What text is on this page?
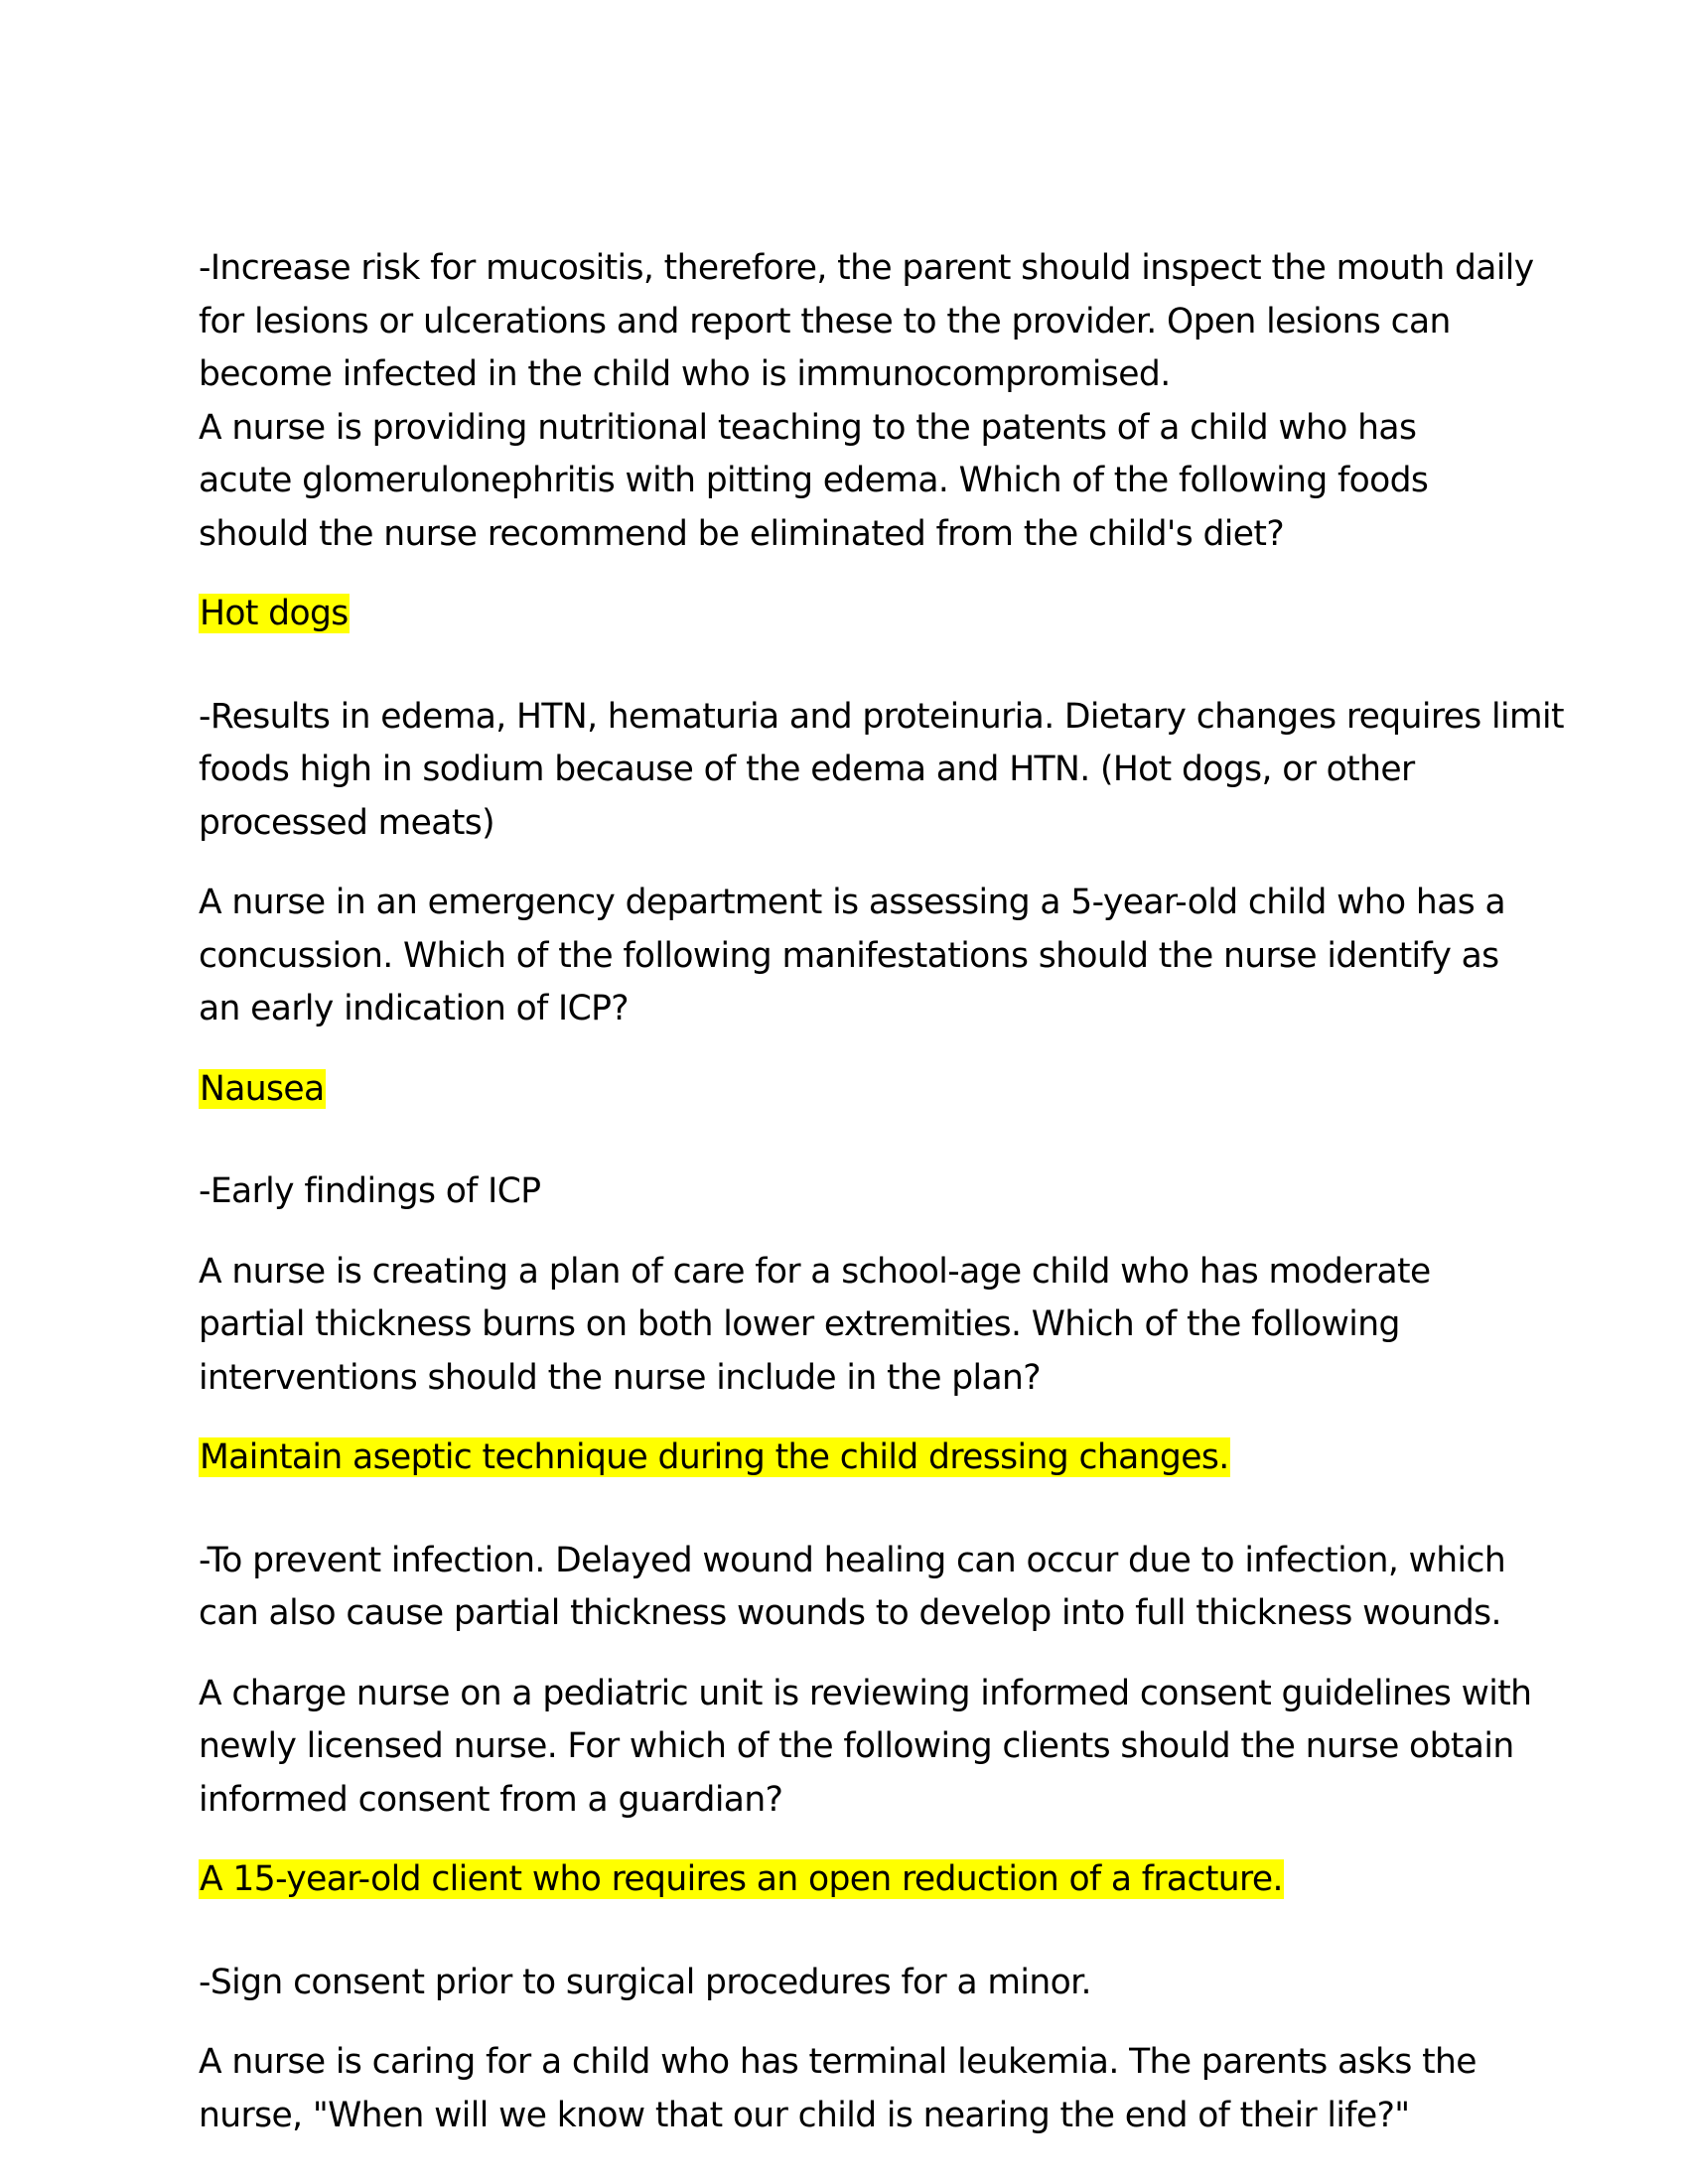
-Increase risk for mucositis, therefore, the parent should inspect the mouth daily
for lesions or ulcerations and report these to the provider. Open lesions can
become infected in the child who is immunocompromised.
A nurse is providing nutritional teaching to the patents of a child who has
acute glomerulonephritis with pitting edema. Which of the following foods
should the nurse recommend be eliminated from the child's diet?
Hot dogs
-Results in edema, HTN, hematuria and proteinuria. Dietary changes requires limit
foods high in sodium because of the edema and HTN. (Hot dogs, or other
processed meats)
A nurse in an emergency department is assessing a 5-year-old child who has a
concussion. Which of the following manifestations should the nurse identify as
an early indication of ICP?
Nausea
-Early findings of ICP
A nurse is creating a plan of care for a school-age child who has moderate
partial thickness burns on both lower extremities. Which of the following
interventions should the nurse include in the plan?
Maintain aseptic technique during the child dressing changes.
-To prevent infection. Delayed wound healing can occur due to infection, which
can also cause partial thickness wounds to develop into full thickness wounds.
A charge nurse on a pediatric unit is reviewing informed consent guidelines with
newly licensed nurse. For which of the following clients should the nurse obtain
informed consent from a guardian?
A 15-year-old client who requires an open reduction of a fracture.
-Sign consent prior to surgical procedures for a minor.
A nurse is caring for a child who has terminal leukemia. The parents asks the
nurse, "When will we know that our child is nearing the end of their life?"
